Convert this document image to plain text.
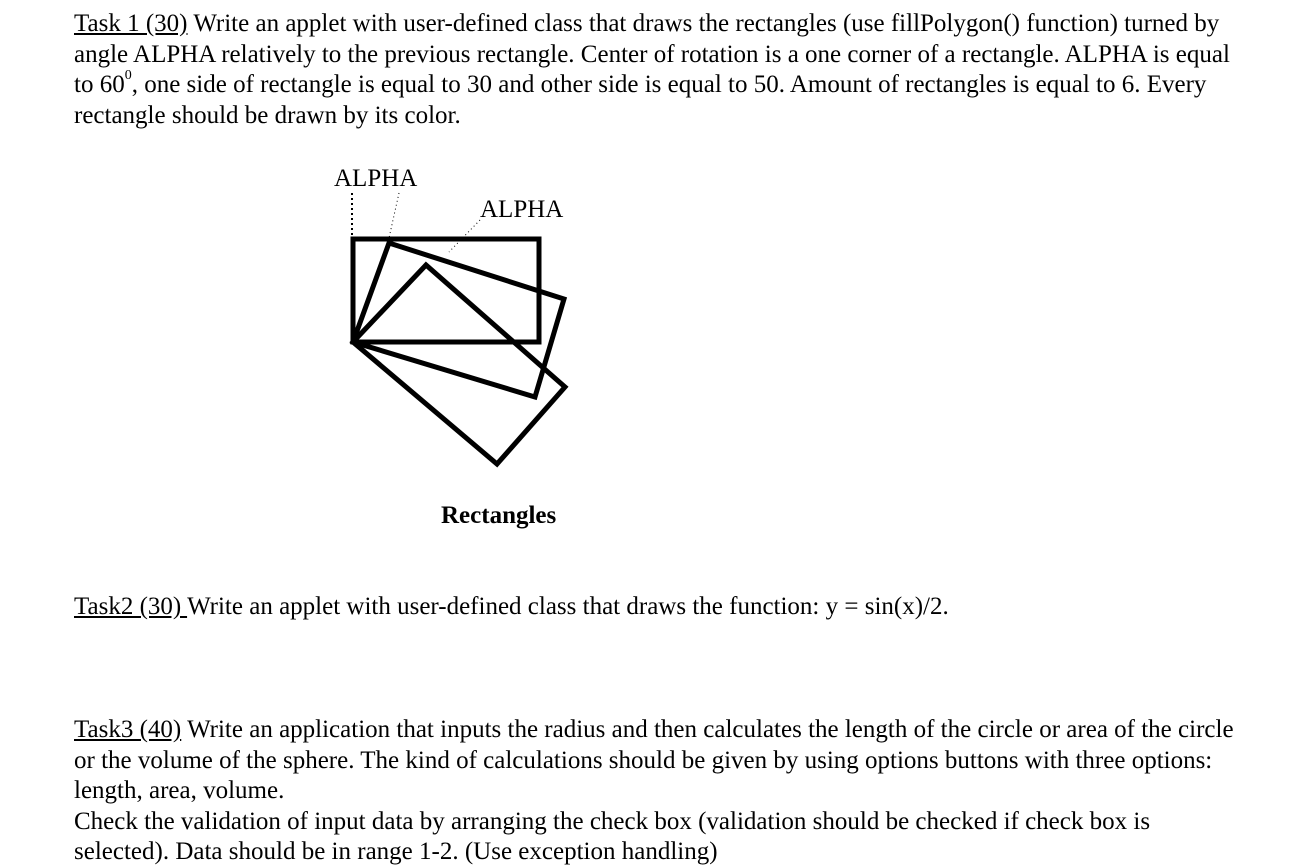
Task 1 (30) Write an applet with user-defined class that draws the rectangles (use fillPolygon() function) turned by angle ALPHA relatively to the previous rectangle. Center of rotation is a one corner of a rectangle. ALPHA is equal to $60^0$, one side of rectangle is equal to 30 and other side is equal to 50. Amount of rectangles is equal to 6. Every rectangle should be drawn by its color.

ALPHA
ALPHA
Rectangles

Task2 (30) Write an applet with user-defined class that draws the function: y = sin(x)/2.

Task3 (40) Write an application that inputs the radius and then calculates the length of the circle or area of the circle or the volume of the sphere. The kind of calculations should be given by using options buttons with three options: length, area, volume.

Check the validation of input data by arranging the check box (validation should be checked if check box is selected). Data should be in range 1-2. (Use exception handling)
